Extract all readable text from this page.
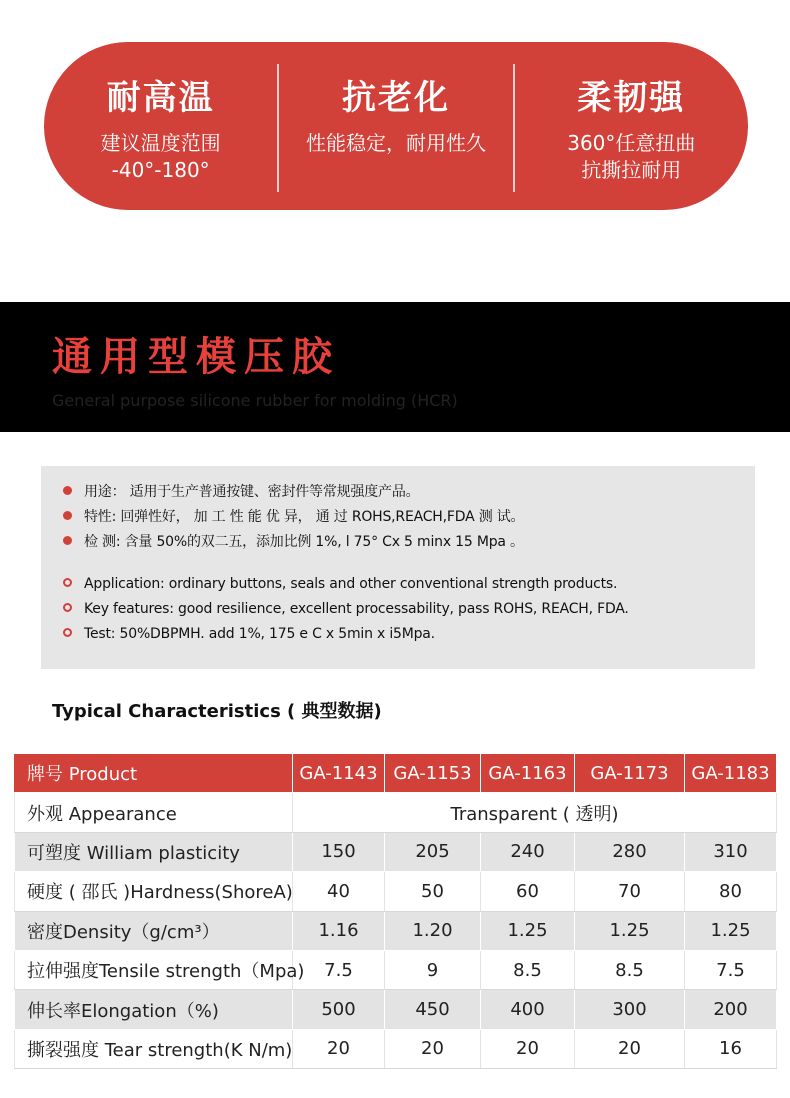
耐高温
建议温度范围
-40°-180°
抗老化
性能稳定，耐用性久
柔韧强
360°任意扭曲
抗撕拉耐用
通用型模压胶
General purpose silicone rubber for molding (HCR)
用途： 适用于生产普通按键、密封件等常规强度产品。
特性: 回弹性好， 加 工 性 能 优 异， 通 过 ROHS,REACH,FDA 测 试。
检 测: 含量 50%的双二五，添加比例 1%, l 75° Cx 5 minx 15 Mpa 。
Application: ordinary buttons, seals and other conventional strength products.
Key features: good resilience, excellent processability, pass ROHS, REACH, FDA.
Test: 50%DBPMH. add 1%, 175 e C x 5min x i5Mpa.
Typical Characteristics ( 典型数据)
牌号 Product	GA-1143	GA-1153	GA-1163	GA-1173	GA-1183
外观 Appearance	Transparent ( 透明)				
可塑度 William plasticity	150	205	240	280	310
硬度 ( 邵氏 )Hardness(ShoreA)	40	50	60	70	80
密度Density（g/cm³）	1.16	1.20	1.25	1.25	1.25
拉伸强度Tensile strength（Mpa)	7.5	9	8.5	8.5	7.5
伸长率Elongation（%)	500	450	400	300	200
撕裂强度 Tear strength(K N/m)	20	20	20	20	16
